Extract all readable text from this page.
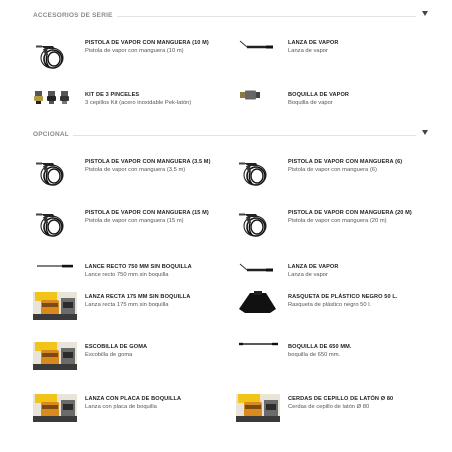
ACCESORIOS DE SERIE
PISTOLA DE VAPOR CON MANGUERA (10 M)
Pistola de vapor con manguera (10 m)
LANZA DE VAPOR
Lanza de vapor
KIT DE 3 PINCELES
3 cepillos Kit (acero inoxidable Pek-latón)
BOQUILLA DE VAPOR
Boquilla de vapor
OPCIONAL
PISTOLA DE VAPOR CON MANGUERA (3.5 M)
Pistola de vapor con manguera (3.5 m)
PISTOLA DE VAPOR CON MANGUERA (6)
Pistola de vapor con manguera (6)
PISTOLA DE VAPOR CON MANGUERA (15 M)
Pistola de vapor con manguera (15 m)
PISTOLA DE VAPOR CON MANGUERA (20 M)
Pistola de vapor con manguera (20 m)
LANCE RECTO 750 MM SIN BOQUILLA
Lance recto 750 mm sin boquilla
LANZA DE VAPOR
Lanza de vapor
LANZA RECTA 175 MM SIN BOQUILLA
Lanza recta 175 mm sin boquilla
RASQUETA DE PLÁSTICO NEGRO 50 L.
Rasqueta de plástico negro 50 l.
ESCOBILLA DE GOMA
Escobilla de goma
BOQUILLA DE 650 MM.
boquilla de 650 mm.
LANZA CON PLACA DE BOQUILLA
Lanza con placa de boquilla
CERDAS DE CEPILLO DE LATÓN Ø 80
Cerdas de cepillo de latón Ø 80
